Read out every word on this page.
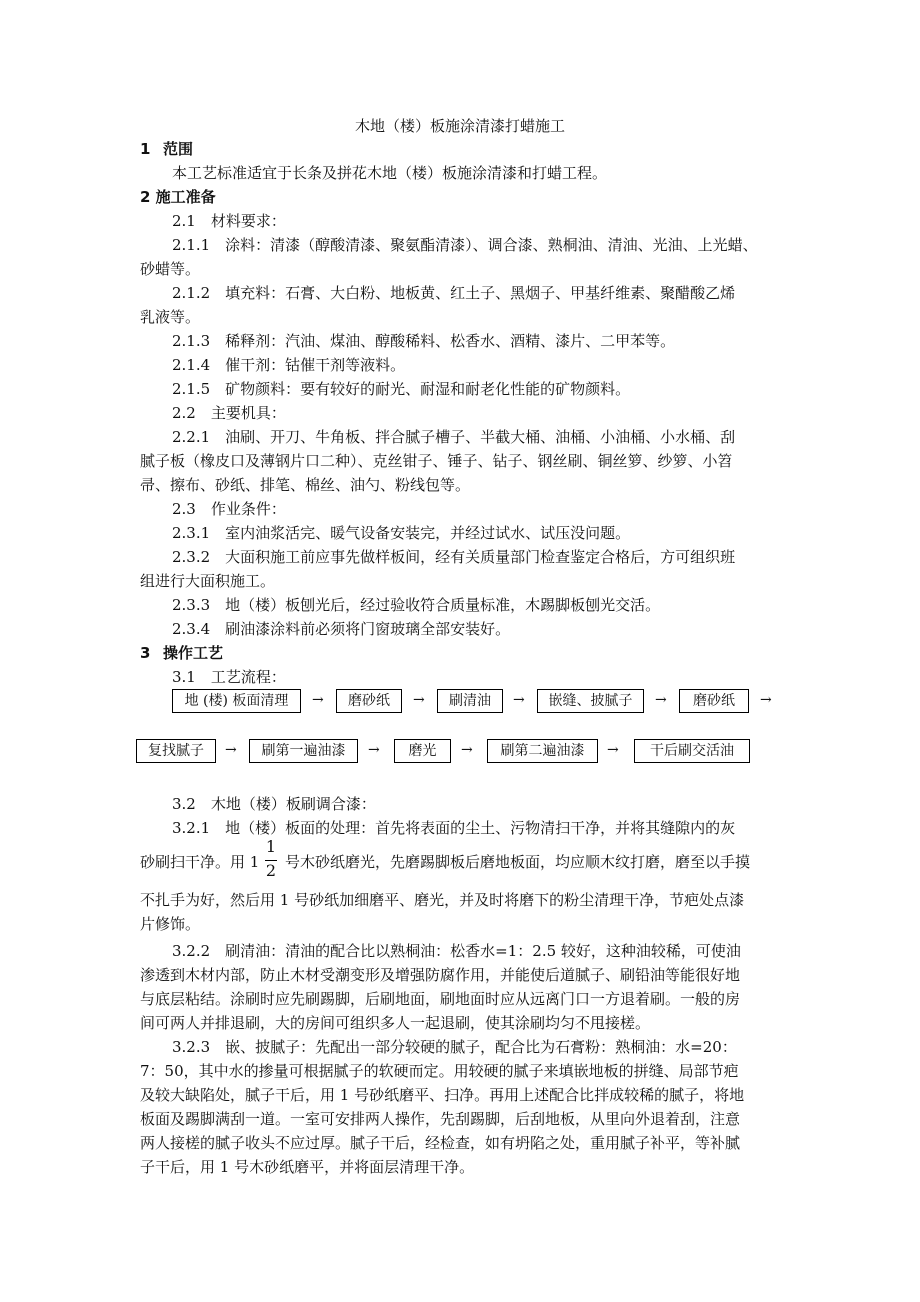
木地（楼）板施涂清漆打蜡施工
1 范围
本工艺标准适宜于长条及拼花木地（楼）板施涂清漆和打蜡工程。
2 施工准备
2.1　材料要求：
2.1.1　涂料：清漆（醇酸清漆、聚氨酯清漆）、调合漆、熟桐油、清油、光油、上光蜡、
砂蜡等。
2.1.2　填充料：石膏、大白粉、地板黄、红土子、黑烟子、甲基纤维素、聚醋酸乙烯
乳液等。
2.1.3　稀释剂：汽油、煤油、醇酸稀料、松香水、酒精、漆片、二甲苯等。
2.1.4　催干剂：钴催干剂等液料。
2.1.5　矿物颜料：要有较好的耐光、耐湿和耐老化性能的矿物颜料。
2.2　主要机具：
2.2.1　油刷、开刀、牛角板、拌合腻子槽子、半截大桶、油桶、小油桶、小水桶、刮
腻子板（橡皮口及薄钢片口二种）、克丝钳子、锤子、钻子、钢丝刷、铜丝箩、纱箩、小笤
帚、擦布、砂纸、排笔、棉丝、油勺、粉线包等。
2.3　作业条件：
2.3.1　室内油浆活完、暖气设备安装完，并经过试水、试压没问题。
2.3.2　大面积施工前应事先做样板间，经有关质量部门检查鉴定合格后，方可组织班
组进行大面积施工。
2.3.3　地（楼）板刨光后，经过验收符合质量标准，木踢脚板刨光交活。
2.3.4　刷油漆涂料前必须将门窗玻璃全部安装好。
3 操作工艺
3.1　工艺流程：
地 (楼) 板面清理	→	磨砂纸	→	刷清油	→	嵌缝、披腻子	→	磨砂纸	→
复找腻子	→	刷第一遍油漆	→	磨光	→	刷第二遍油漆	→	干后刷交活油
3.2　木地（楼）板刷调合漆：
3.2.1　地（楼）板面的处理：首先将表面的尘土、污物清扫干净，并将其缝隙内的灰
砂刷扫干净。用 1
1
2 号木砂纸磨光，先磨踢脚板后磨地板面，均应顺木纹打磨，磨至以手摸
不扎手为好，然后用 1 号砂纸加细磨平、磨光，并及时将磨下的粉尘清理干净，节疤处点漆
片修饰。
3.2.2　刷清油：清油的配合比以熟桐油：松香水=1：2.5 较好，这种油较稀，可使油
渗透到木材内部，防止木材受潮变形及增强防腐作用，并能使后道腻子、刷铅油等能很好地
与底层粘结。涂刷时应先刷踢脚，后刷地面，刷地面时应从远离门口一方退着刷。一般的房
间可两人并排退刷，大的房间可组织多人一起退刷，使其涂刷均匀不甩接槎。
3.2.3　嵌、披腻子：先配出一部分较硬的腻子，配合比为石膏粉：熟桐油：水=20：
7：50，其中水的掺量可根据腻子的软硬而定。用较硬的腻子来填嵌地板的拼缝、局部节疤
及较大缺陷处，腻子干后，用 1 号砂纸磨平、扫净。再用上述配合比拌成较稀的腻子，将地
板面及踢脚满刮一道。一室可安排两人操作，先刮踢脚，后刮地板，从里向外退着刮，注意
两人接槎的腻子收头不应过厚。腻子干后，经检查，如有坍陷之处，重用腻子补平，等补腻
子干后，用 1 号木砂纸磨平，并将面层清理干净。
